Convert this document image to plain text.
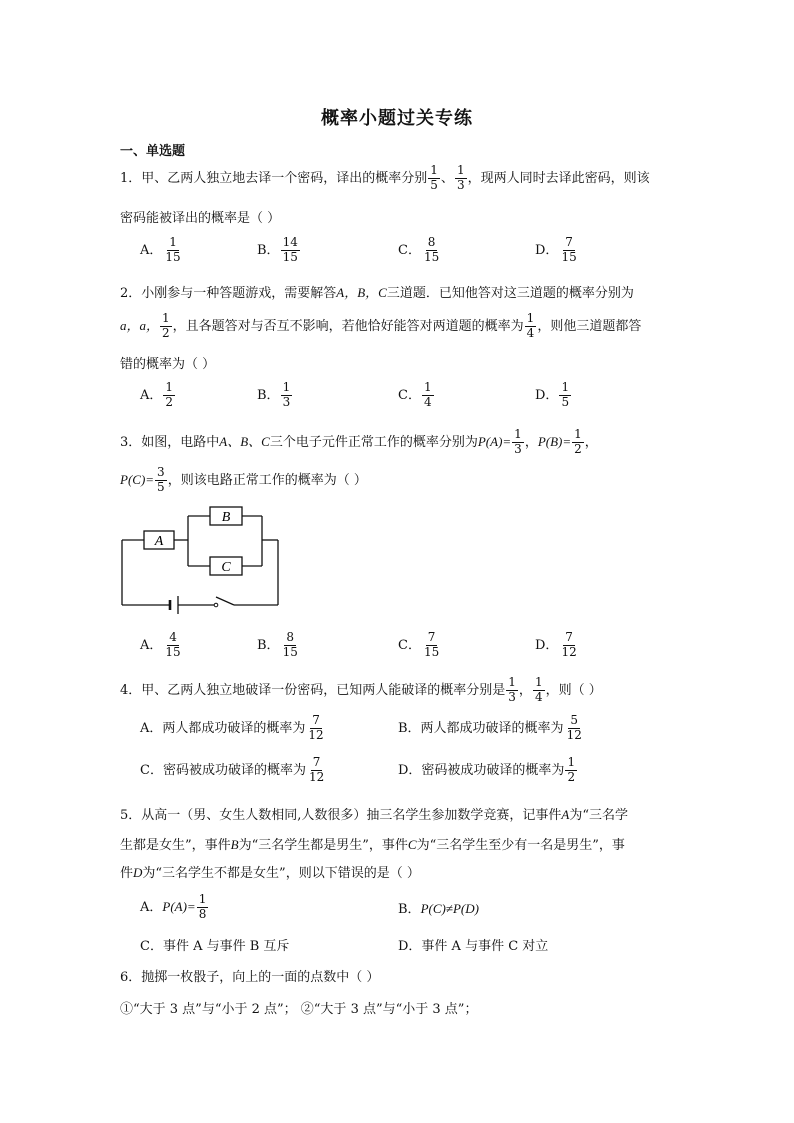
概率小题过关专练
一、单选题
1．甲、乙两人独立地去译一个密码，译出的概率分别 $\frac{1}{5}$ 、 $\frac{1}{3}$ ，现两人同时去译此密码，则该
密码能被译出的概率是（ ）
A． $\frac{1}{15}$	B． $\frac{14}{15}$	C． $\frac{8}{15}$	D． $\frac{7}{15}$
2．小刚参与一种答题游戏，需要解答A，B，C三道题．已知他答对这三道题的概率分别为
a，a， $\frac{1}{2}$ ，且各题答对与否互不影响，若他恰好能答对两道题的概率为 $\frac{1}{4}$ ，则他三道题都答
错的概率为（ ）
A． $\frac{1}{2}$	B． $\frac{1}{3}$	C． $\frac{1}{4}$	D． $\frac{1}{5}$
3．如图，电路中A、B、C三个电子元件正常工作的概率分别为$P(A)= \frac{1}{3}$ ，$P(B)= \frac{1}{2}$ ，
$P(C)= \frac{3}{5}$ ，则该电路正常工作的概率为（ ）
A
B
C
A． $\frac{4}{15}$	B． $\frac{8}{15}$	C． $\frac{7}{15}$	D． $\frac{7}{12}$
4．甲、乙两人独立地破译一份密码，已知两人能破译的概率分别是 $\frac{1}{3}$ ， $\frac{1}{4}$ ，则（ ）
A．两人都成功破译的概率为 $\frac{7}{12}$	B．两人都成功破译的概率为 $\frac{5}{12}$
C．密码被成功破译的概率为 $\frac{7}{12}$	D．密码被成功破译的概率为 $\frac{1}{2}$
5．从高一（男、女生人数相同,人数很多）抽三名学生参加数学竞赛，记事件A为“三名学
生都是女生”，事件B为“三名学生都是男生”，事件C为“三名学生至少有一名是男生”，事
件D为“三名学生不都是女生”，则以下错误的是（ ）
A．$P(A)= \frac{1}{8}$	B．P(C)≠P(D)
C．事件 A 与事件 B 互斥	D．事件 A 与事件 C 对立
6．抛掷一枚骰子，向上的一面的点数中（ ）
①“大于 3 点”与“小于 2 点”； ②“大于 3 点”与“小于 3 点”；
